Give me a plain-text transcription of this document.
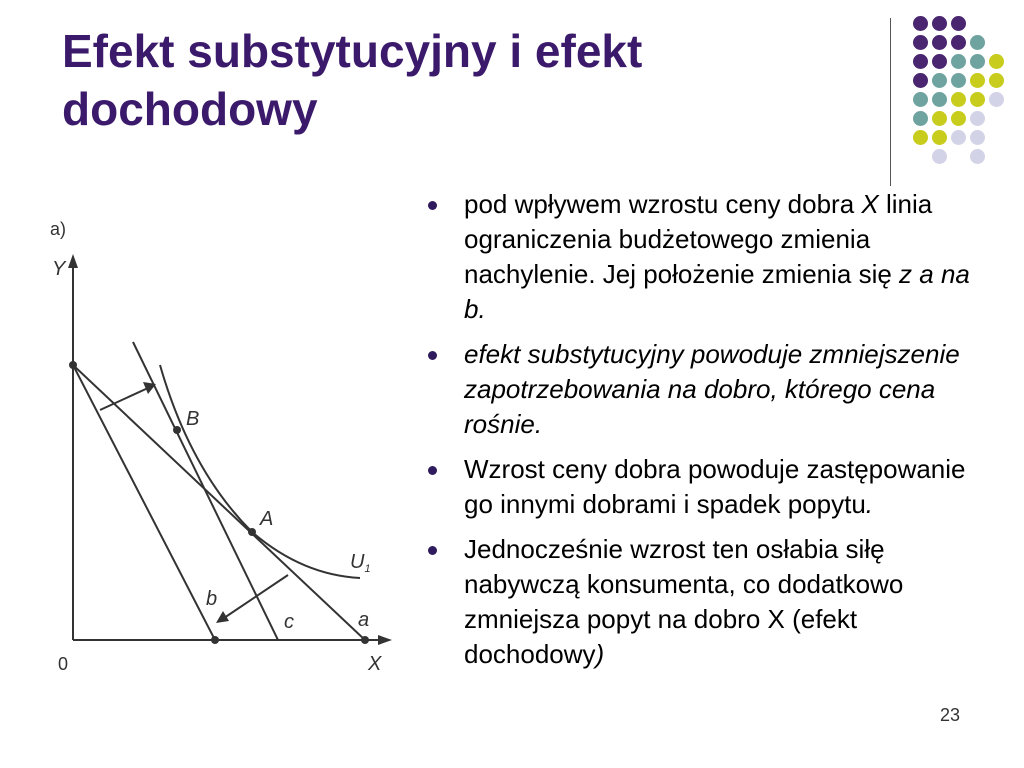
Efekt substytucyjny i efekt
dochodowy
a)
Y
X
0
B
A
$U_1$
b
c	a
pod wpływem wzrostu ceny dobra X linia ograniczenia budżetowego zmienia nachylenie. Jej położenie zmienia się z a na b.
efekt substytucyjny powoduje zmniejszenie zapotrzebowania na dobro, którego cena rośnie.
Wzrost ceny dobra powoduje zastępowanie go innymi dobrami i spadek popytu.
Jednocześnie wzrost ten osłabia siłę nabywczą konsumenta, co dodatkowo zmniejsza popyt na dobro X (efekt dochodowy)
23
